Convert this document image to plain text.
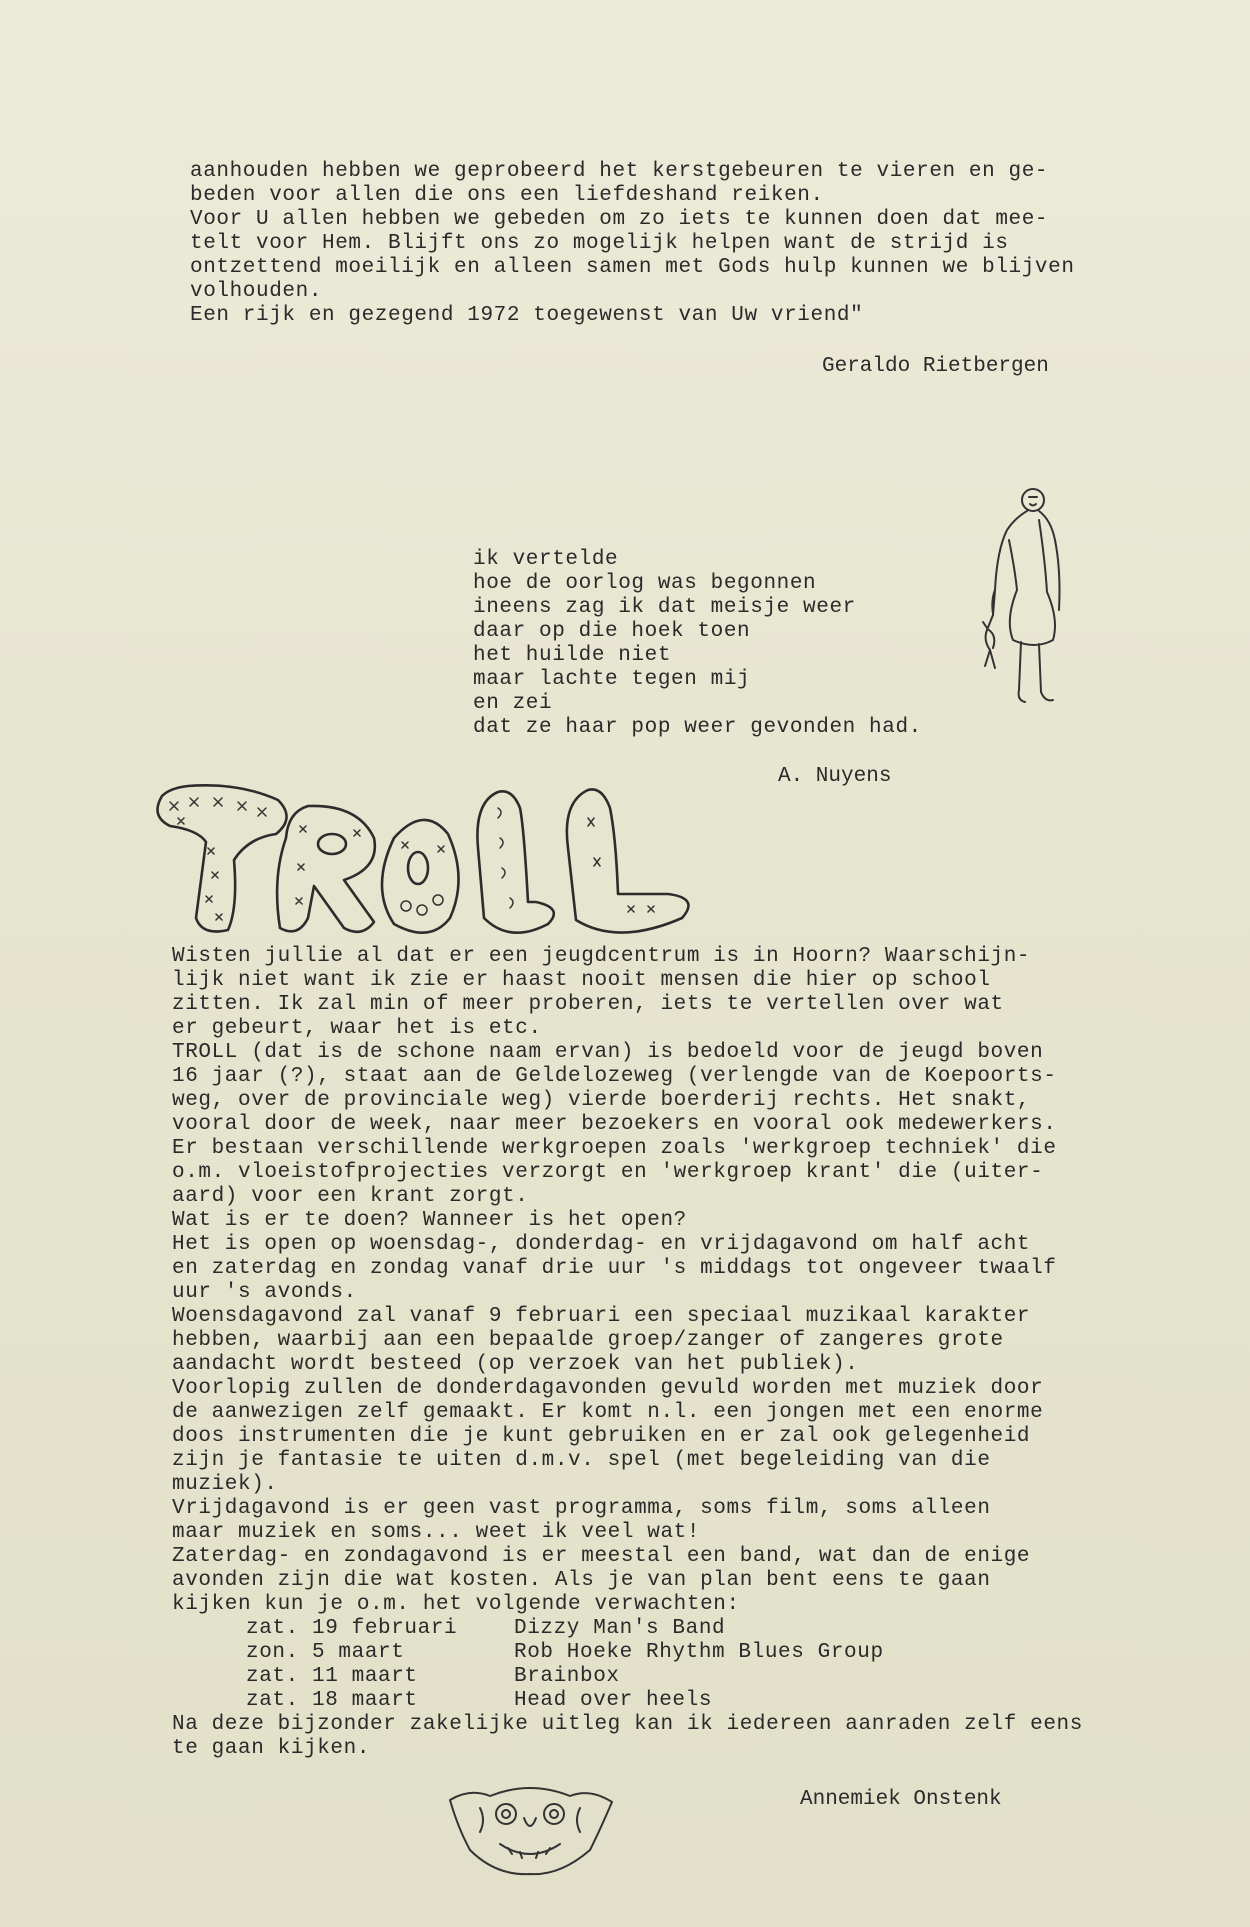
aanhouden hebben we geprobeerd het kerstgebeuren te vieren en ge-
beden voor allen die ons een liefdeshand reiken.
Voor U allen hebben we gebeden om zo iets te kunnen doen dat mee-
telt voor Hem. Blijft ons zo mogelijk helpen want de strijd is
ontzettend moeilijk en alleen samen met Gods hulp kunnen we blijven
volhouden.
Een rijk en gezegend 1972 toegewenst van Uw vriend"
Geraldo Rietbergen
ik vertelde
hoe de oorlog was begonnen
ineens zag ik dat meisje weer
daar op die hoek toen
het huilde niet
maar lachte tegen mij
en zei
dat ze haar pop weer gevonden had.
A. Nuyens
Wisten jullie al dat er een jeugdcentrum is in Hoorn? Waarschijn-
lijk niet want ik zie er haast nooit mensen die hier op school
zitten. Ik zal min of meer proberen, iets te vertellen over wat
er gebeurt, waar het is etc.
TROLL (dat is de schone naam ervan) is bedoeld voor de jeugd boven
16 jaar (?), staat aan de Geldelozeweg (verlengde van de Koepoorts-
weg, over de provinciale weg) vierde boerderij rechts. Het snakt,
vooral door de week, naar meer bezoekers en vooral ook medewerkers.
Er bestaan verschillende werkgroepen zoals 'werkgroep techniek' die
o.m. vloeistofprojecties verzorgt en 'werkgroep krant' die (uiter-
aard) voor een krant zorgt.
Wat is er te doen? Wanneer is het open?
Het is open op woensdag-, donderdag- en vrijdagavond om half acht
en zaterdag en zondag vanaf drie uur 's middags tot ongeveer twaalf
uur 's avonds.
Woensdagavond zal vanaf 9 februari een speciaal muzikaal karakter
hebben, waarbij aan een bepaalde groep/zanger of zangeres grote
aandacht wordt besteed (op verzoek van het publiek).
Voorlopig zullen de donderdagavonden gevuld worden met muziek door
de aanwezigen zelf gemaakt. Er komt n.l. een jongen met een enorme
doos instrumenten die je kunt gebruiken en er zal ook gelegenheid
zijn je fantasie te uiten d.m.v. spel (met begeleiding van die
muziek).
Vrijdagavond is er geen vast programma, soms film, soms alleen
maar muziek en soms... weet ik veel wat!
Zaterdag- en zondagavond is er meestal een band, wat dan de enige
avonden zijn die wat kosten. Als je van plan bent eens te gaan
kijken kun je o.m. het volgende verwachten:
zat. 19 februari	Dizzy Man's Band
zon. 5 maart	Rob Hoeke Rhythm Blues Group
zat. 11 maart	Brainbox
zat. 18 maart	Head over heels
Na deze bijzonder zakelijke uitleg kan ik iedereen aanraden zelf eens
te gaan kijken.
Annemiek Onstenk
